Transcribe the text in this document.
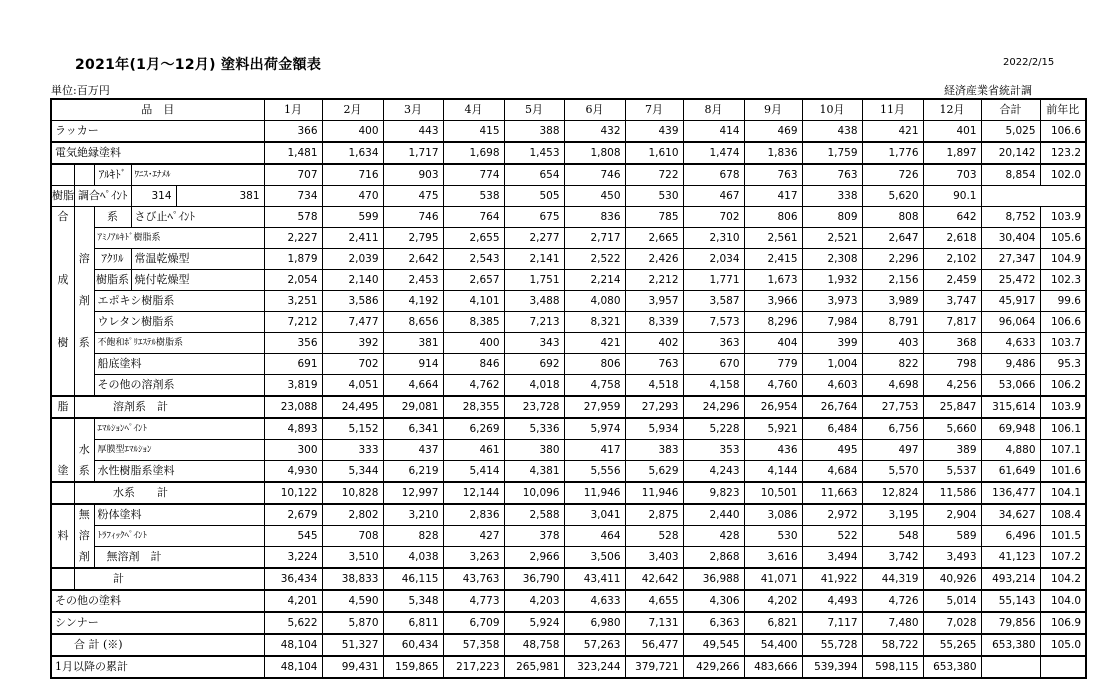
2021年(1月～12月) 塗料出荷金額表	2022/2/15
単位:百万円	経済産業省統計調
品　目					1月	2月	3月	4月	5月	6月	7月	8月	9月	10月	11月	12月	合計	前年比
ラッカー					366	400	443	415	388	432	439	414	469	438	421	401	5,025	106.6
電気絶縁塗料					1,481	1,634	1,717	1,698	1,453	1,808	1,610	1,474	1,836	1,759	1,776	1,897	20,142	123.2
		ｱﾙｷﾄﾞ	ﾜﾆｽ･ｴﾅﾒﾙ		707	716	903	774	654	746	722	678	763	763	726	703	8,854	102.0
樹脂	調合ﾍﾟｲﾝﾄ		314	381	734	470	475	538	505	450	530	467	417	338	5,620	90.1		
合		系	さび止ﾍﾟｲﾝﾄ		578	599	746	764	675	836	785	702	806	809	808	642	8,752	103.9
		ｱﾐﾉｱﾙｷﾄﾞ樹脂系			2,227	2,411	2,795	2,655	2,277	2,717	2,665	2,310	2,561	2,521	2,647	2,618	30,404	105.6
	溶	ｱｸﾘﾙ	常温乾燥型		1,879	2,039	2,642	2,543	2,141	2,522	2,426	2,034	2,415	2,308	2,296	2,102	27,347	104.9
成		樹脂系	焼付乾燥型		2,054	2,140	2,453	2,657	1,751	2,214	2,212	1,771	1,673	1,932	2,156	2,459	25,472	102.3
	剤	エポキシ樹脂系			3,251	3,586	4,192	4,101	3,488	4,080	3,957	3,587	3,966	3,973	3,989	3,747	45,917	99.6
		ウレタン樹脂系			7,212	7,477	8,656	8,385	7,213	8,321	8,339	7,573	8,296	7,984	8,791	7,817	96,064	106.6
樹	系	不飽和ﾎﾟﾘｴｽﾃﾙ樹脂系			356	392	381	400	343	421	402	363	404	399	403	368	4,633	103.7
		船底塗料			691	702	914	846	692	806	763	670	779	1,004	822	798	9,486	95.3
		その他の溶剤系			3,819	4,051	4,664	4,762	4,018	4,758	4,518	4,158	4,760	4,603	4,698	4,256	53,066	106.2
脂	溶剤系　計				23,088	24,495	29,081	28,355	23,728	27,959	27,293	24,296	26,954	26,764	27,753	25,847	315,614	103.9
		ｴﾏﾙｼｮﾝﾍﾟｲﾝﾄ			4,893	5,152	6,341	6,269	5,336	5,974	5,934	5,228	5,921	6,484	6,756	5,660	69,948	106.1
	水	厚膜型ｴﾏﾙｼｮﾝ			300	333	437	461	380	417	383	353	436	495	497	389	4,880	107.1
塗	系	水性樹脂系塗料			4,930	5,344	6,219	5,414	4,381	5,556	5,629	4,243	4,144	4,684	5,570	5,537	61,649	101.6
	水系　　計				10,122	10,828	12,997	12,144	10,096	11,946	11,946	9,823	10,501	11,663	12,824	11,586	136,477	104.1
	無	粉体塗料			2,679	2,802	3,210	2,836	2,588	3,041	2,875	2,440	3,086	2,972	3,195	2,904	34,627	108.4
料	溶	ﾄﾗﾌｨｯｸﾍﾟｲﾝﾄ			545	708	828	427	378	464	528	428	530	522	548	589	6,496	101.5
	剤	無溶剤　計			3,224	3,510	4,038	3,263	2,966	3,506	3,403	2,868	3,616	3,494	3,742	3,493	41,123	107.2
	計				36,434	38,833	46,115	43,763	36,790	43,411	42,642	36,988	41,071	41,922	44,319	40,926	493,214	104.2
その他の塗料					4,201	4,590	5,348	4,773	4,203	4,633	4,655	4,306	4,202	4,493	4,726	5,014	55,143	104.0
シンナー					5,622	5,870	6,811	6,709	5,924	6,980	7,131	6,363	6,821	7,117	7,480	7,028	79,856	106.9
合 計 (※)					48,104	51,327	60,434	57,358	48,758	57,263	56,477	49,545	54,400	55,728	58,722	55,265	653,380	105.0
1月以降の累計					48,104	99,431	159,865	217,223	265,981	323,244	379,721	429,266	483,666	539,394	598,115	653,380		
